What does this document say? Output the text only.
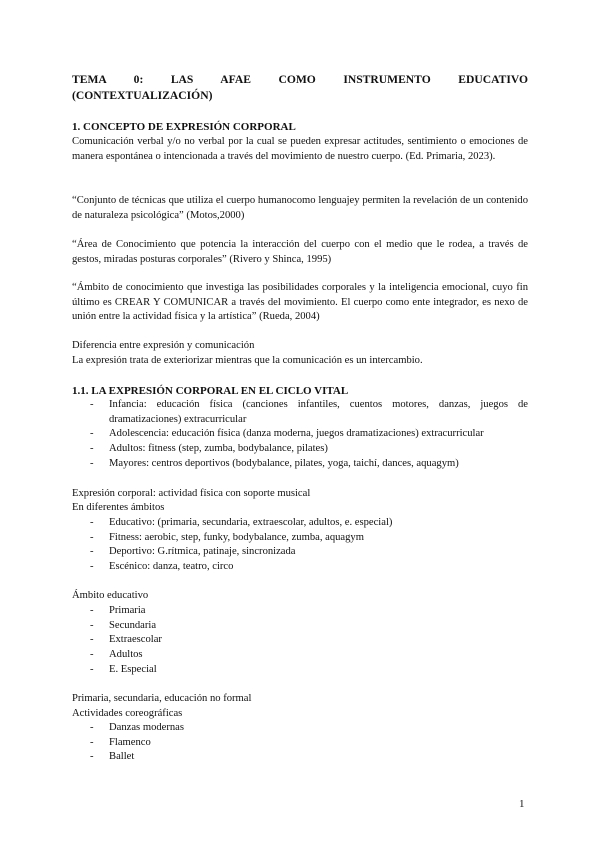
TEMA 0: LAS AFAE COMO INSTRUMENTO EDUCATIVO
(CONTEXTUALIZACIÓN)
1. CONCEPTO DE EXPRESIÓN CORPORAL
Comunicación verbal y/o no verbal por la cual se pueden expresar actitudes, sentimiento o emociones de manera espontánea o intencionada a través del movimiento de nuestro cuerpo. (Ed. Primaria, 2023).
“Conjunto de técnicas que utiliza el cuerpo humanocomo lenguajey permiten la revelación de un contenido de naturaleza psicológica” (Motos,2000)
“Área de Conocimiento que potencia la interacción del cuerpo con el medio que le rodea, a través de gestos, miradas posturas corporales” (Rivero y Shinca, 1995)
“Ámbito de conocimiento que investiga las posibilidades corporales y la inteligencia emocional, cuyo fin último es CREAR Y COMUNICAR a través del movimiento. El cuerpo como ente integrador, es nexo de unión entre la actividad física y la artística” (Rueda, 2004)
Diferencia entre expresión y comunicación
La expresión trata de exteriorizar mientras que la comunicación es un intercambio.
1.1. LA EXPRESIÓN CORPORAL EN EL CICLO VITAL
- Infancia: educación física (canciones infantiles, cuentos motores, danzas, juegos de dramatizaciones) extracurricular
- Adolescencia: educación física (danza moderna, juegos dramatizaciones) extracurricular
- Adultos: fitness (step, zumba, bodybalance, pilates)
- Mayores: centros deportivos (bodybalance, pilates, yoga, taichí, dances, aquagym)
Expresión corporal: actividad física con soporte musical
En diferentes ámbitos
- Educativo: (primaria, secundaria, extraescolar, adultos, e. especial)
- Fitness: aerobic, step, funky, bodybalance, zumba, aquagym
- Deportivo: G.rítmica, patinaje, sincronizada
- Escénico: danza, teatro, circo
Ámbito educativo
- Primaria
- Secundaria
- Extraescolar
- Adultos
- E. Especial
Primaria, secundaria, educación no formal
Actividades coreográficas
- Danzas modernas
- Flamenco
- Ballet
1
